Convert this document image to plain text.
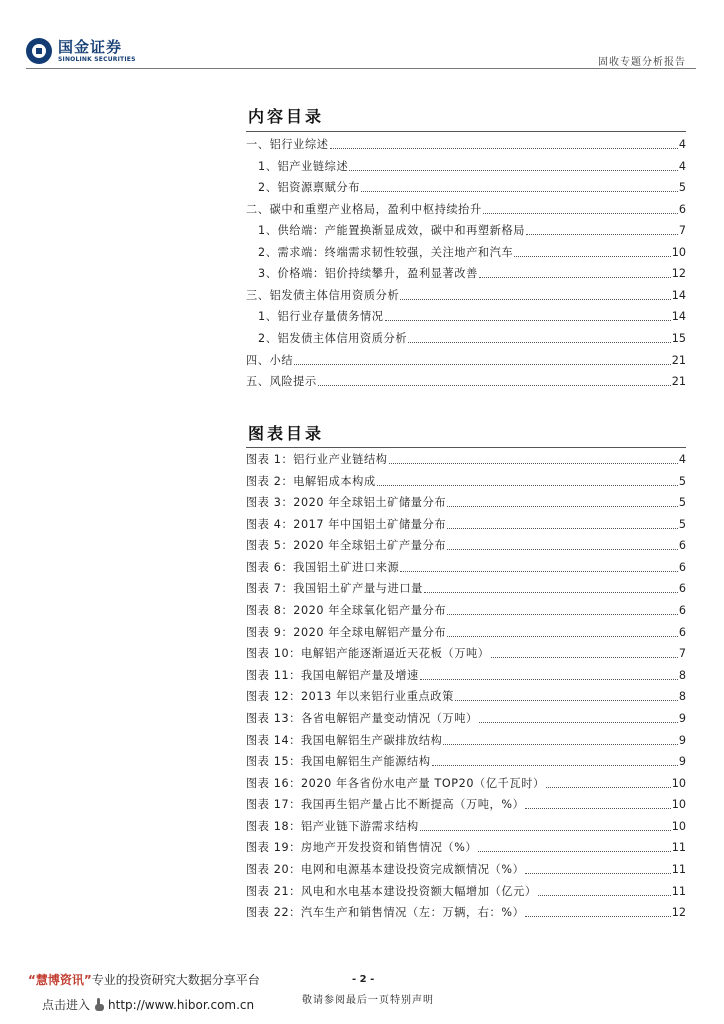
国金证券
SINOLINK SECURITIES	固收专题分析报告
内容目录
一、铝行业综述	4
1、铝产业链综述	4
2、铝资源禀赋分布	5
二、碳中和重塑产业格局，盈利中枢持续抬升	6
1、供给端：产能置换渐显成效，碳中和再塑新格局	7
2、需求端：终端需求韧性较强，关注地产和汽车	10
3、价格端：铝价持续攀升，盈利显著改善	12
三、铝发债主体信用资质分析	14
1、铝行业存量债务情况	14
2、铝发债主体信用资质分析	15
四、小结	21
五、风险提示	21
图表目录
图表 1：铝行业产业链结构	4
图表 2：电解铝成本构成	5
图表 3：2020 年全球铝土矿储量分布	5
图表 4：2017 年中国铝土矿储量分布	5
图表 5：2020 年全球铝土矿产量分布	6
图表 6：我国铝土矿进口来源	6
图表 7：我国铝土矿产量与进口量	6
图表 8：2020 年全球氧化铝产量分布	6
图表 9：2020 年全球电解铝产量分布	6
图表 10：电解铝产能逐渐逼近天花板（万吨）	7
图表 11：我国电解铝产量及增速	8
图表 12：2013 年以来铝行业重点政策	8
图表 13：各省电解铝产量变动情况（万吨）	9
图表 14：我国电解铝生产碳排放结构	9
图表 15：我国电解铝生产能源结构	9
图表 16：2020 年各省份水电产量 TOP20（亿千瓦时）	10
图表 17：我国再生铝产量占比不断提高（万吨，%）	10
图表 18：铝产业链下游需求结构	10
图表 19：房地产开发投资和销售情况（%）	11
图表 20：电网和电源基本建设投资完成额情况（%）	11
图表 21：风电和水电基本建设投资额大幅增加（亿元）	11
图表 22：汽车生产和销售情况（左：万辆，右：%）	12
“慧博资讯”专业的投资研究大数据分享平台
点击进入 http://www.hibor.com.cn
- 2 -
敬请参阅最后一页特别声明
